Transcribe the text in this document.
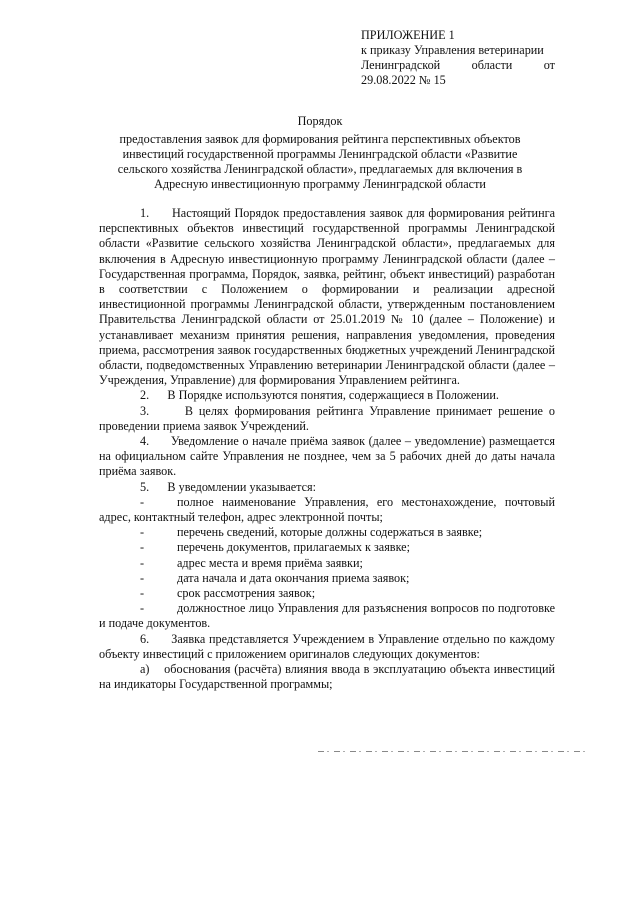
ПРИЛОЖЕНИЕ 1
к приказу Управления ветеринарии
Ленинградской	области	от
29.08.2022 № 15
Порядок
предоставления заявок для формирования рейтинга перспективных объектов
инвестиций государственной программы Ленинградской области «Развитие
сельского хозяйства Ленинградской области», предлагаемых для включения в
Адресную инвестиционную программу Ленинградской области

1.      Настоящий Порядок предоставления заявок для формирования рейтинга перспективных объектов инвестиций государственной программы Ленинградской области «Развитие сельского хозяйства Ленинградской области», предлагаемых для включения в Адресную инвестиционную программу Ленинградской области (далее – Государственная программа, Порядок, заявка, рейтинг, объект инвестиций) разработан в соответствии с Положением о формировании и реализации адресной инвестиционной программы Ленинградской области, утвержденным постановлением Правительства Ленинградской области от 25.01.2019 № 10 (далее – Положение) и устанавливает механизм принятия решения, направления уведомления, проведения приема, рассмотрения заявок государственных бюджетных учреждений Ленинградской области, подведомственных Управлению ветеринарии Ленинградской области (далее – Учреждения, Управление) для формирования Управлением рейтинга.

2.      В Порядке используются понятия, содержащиеся в Положении.

3.      В целях формирования рейтинга Управление принимает решение о проведении приема заявок Учреждений.

4.      Уведомление о начале приёма заявок (далее – уведомление) размещается на официальном сайте Управления не позднее, чем за 5 рабочих дней до даты начала приёма заявок.

5.      В уведомлении указывается:

-	полное наименование Управления, его местонахождение, почтовый адрес, контактный телефон, адрес электронной почты;

-	перечень сведений, которые должны содержаться в заявке;

-	перечень документов, прилагаемых к заявке;

-	адрес места и время приёма заявки;

-	дата начала и дата окончания приема заявок;

-	срок рассмотрения заявок;

-	должностное лицо Управления для разъяснения вопросов по подготовке и подаче документов.

6.      Заявка представляется Учреждением в Управление отдельно по каждому объекту инвестиций с приложением оригиналов следующих документов:

а)    обоснования (расчёта) влияния ввода в эксплуатацию объекта инвестиций на индикаторы Государственной программы;
